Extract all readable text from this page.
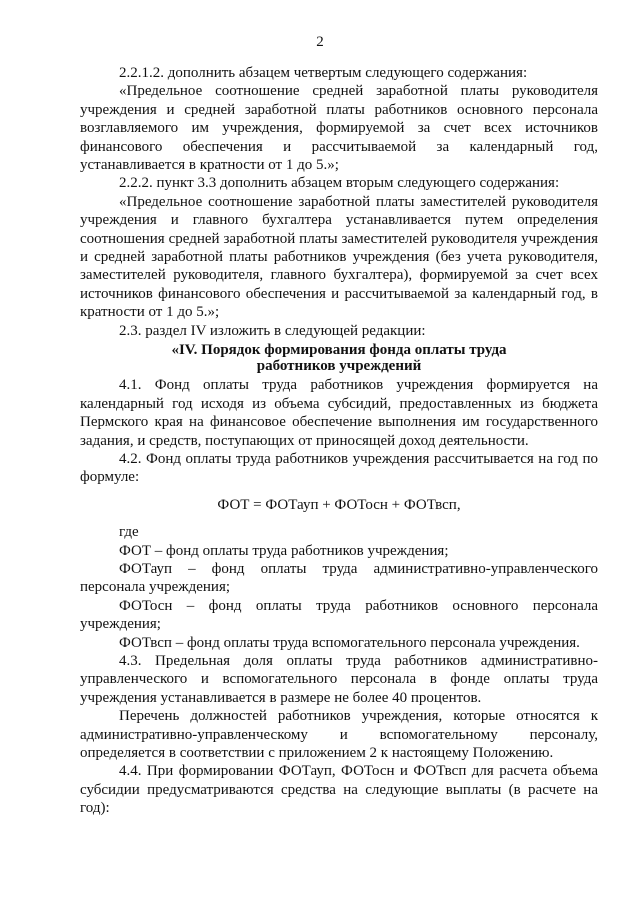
2

2.2.1.2. дополнить абзацем четвертым следующего содержания:

«Предельное соотношение средней заработной платы руководителя учреждения и средней заработной платы работников основного персонала возглавляемого им учреждения, формируемой за счет всех источников финансового обеспечения и рассчитываемой за календарный год, устанавливается в кратности от 1 до 5.»;

2.2.2. пункт 3.3 дополнить абзацем вторым следующего содержания:

«Предельное соотношение заработной платы заместителей руководителя учреждения и главного бухгалтера устанавливается путем определения соотношения средней заработной платы заместителей руководителя учреждения и средней заработной платы работников учреждения (без учета руководителя, заместителей руководителя, главного бухгалтера), формируемой за счет всех источников финансового обеспечения и рассчитываемой за календарный год, в кратности от 1 до 5.»;

2.3. раздел IV изложить в следующей редакции:

«IV. Порядок формирования фонда оплаты труда
работников учреждений

4.1. Фонд оплаты труда работников учреждения формируется на календарный год исходя из объема субсидий, предоставленных из бюджета Пермского края на финансовое обеспечение выполнения им государственного задания, и средств, поступающих от приносящей доход деятельности.

4.2. Фонд оплаты труда работников учреждения рассчитывается на год по формуле:

ФОТ = ФОТауп + ФОТосн + ФОТвсп,

где

ФОТ – фонд оплаты труда работников учреждения;

ФОТауп – фонд оплаты труда административно-управленческого персонала учреждения;

ФОТосн – фонд оплаты труда работников основного персонала учреждения;

ФОТвсп – фонд оплаты труда вспомогательного персонала учреждения.

4.3. Предельная доля оплаты труда работников административно-управленческого и вспомогательного персонала в фонде оплаты труда учреждения устанавливается в размере не более 40 процентов.

Перечень должностей работников учреждения, которые относятся к административно-управленческому и вспомогательному персоналу, определяется в соответствии с приложением 2 к настоящему Положению.

4.4. При формировании ФОТауп, ФОТосн и ФОТвсп для расчета объема субсидии предусматриваются средства на следующие выплаты (в расчете на год):
